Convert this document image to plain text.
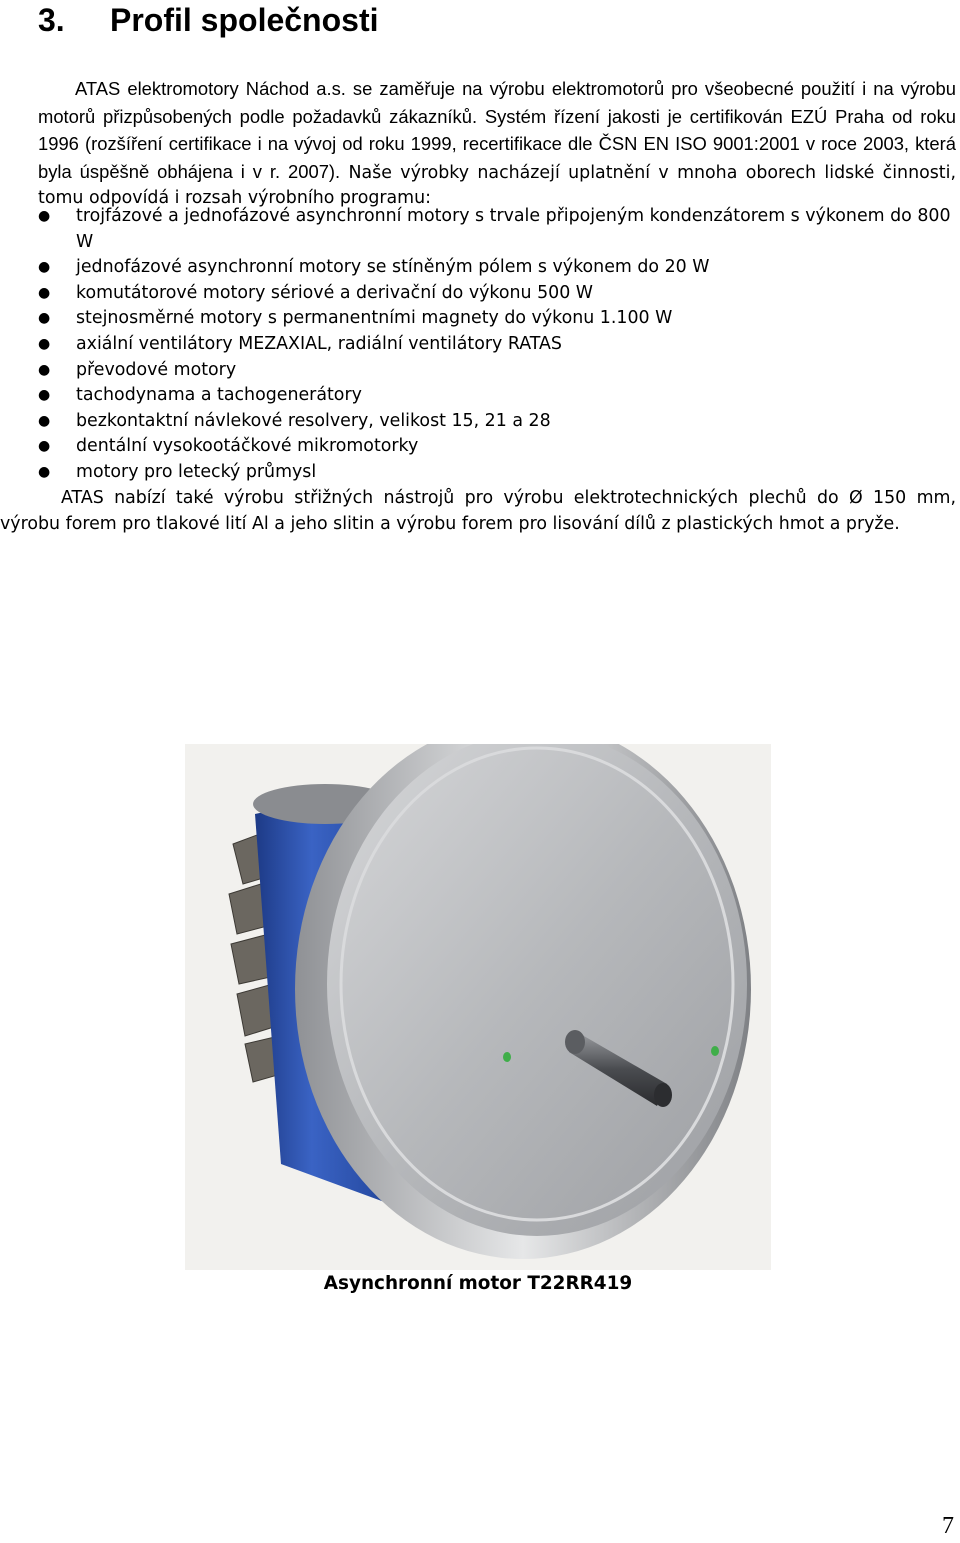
3. Profil společnosti

ATAS elektromotory Náchod a.s. se zaměřuje na výrobu elektromotorů pro všeobecné použití i na výrobu motorů přizpůsobených podle požadavků zákazníků. Systém řízení jakosti je certifikován EZÚ Praha od roku 1996 (rozšíření certifikace i na vývoj od roku 1999, recertifikace dle ČSN EN ISO 9001:2001 v roce 2003, která byla úspěšně obhájena i v r. 2007). Naše výrobky nacházejí uplatnění v mnoha oborech lidské činnosti, tomu odpovídá i rozsah výrobního programu:

● trojfázové a jednofázové asynchronní motory s trvale připojeným kondenzátorem s výkonem do 800 W
● jednofázové asynchronní motory se stíněným pólem s výkonem do 20 W
● komutátorové motory sériové a derivační do výkonu 500 W
● stejnosměrné motory s permanentními magnety do výkonu 1.100 W
● axiální ventilátory MEZAXIAL, radiální ventilátory RATAS
● převodové motory
● tachodynama a tachogenerátory
● bezkontaktní návlekové resolvery, velikost 15, 21 a 28
● dentální vysokootáčkové mikromotorky
● motory pro letecký průmysl

ATAS nabízí také výrobu střižných nástrojů pro výrobu elektrotechnických plechů do Ø 150 mm, výrobu forem pro tlakové lití Al a jeho slitin a výrobu forem pro lisování dílů z plastických hmot a pryže.

Asynchronní motor T22RR419
7
